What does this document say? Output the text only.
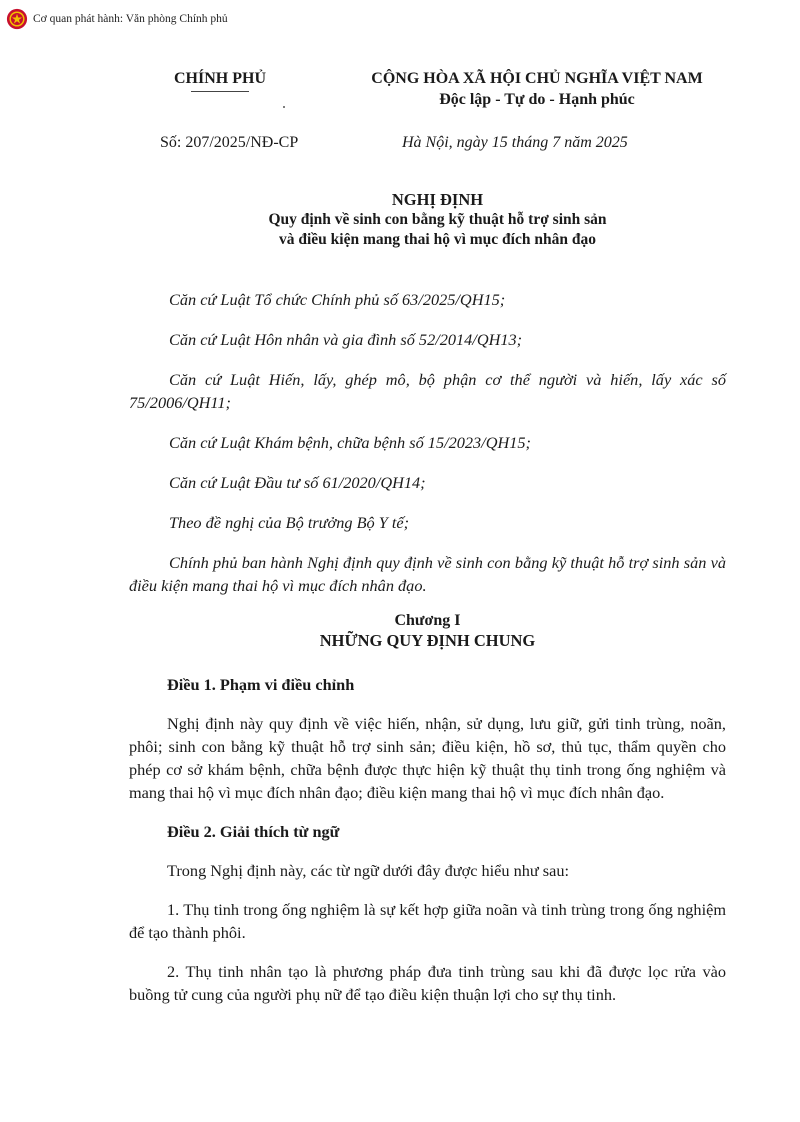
Cơ quan phát hành: Văn phòng Chính phủ
CHÍNH PHỦ	CỘNG HÒA XÃ HỘI CHỦ NGHĨA VIỆT NAM
Độc lập - Tự do - Hạnh phúc
Số: 207/2025/NĐ-CP	Hà Nội, ngày 15 tháng 7 năm 2025
NGHỊ ĐỊNH
Quy định về sinh con bằng kỹ thuật hỗ trợ sinh sản
và điều kiện mang thai hộ vì mục đích nhân đạo

Căn cứ Luật Tổ chức Chính phủ số 63/2025/QH15;

Căn cứ Luật Hôn nhân và gia đình số 52/2014/QH13;

Căn cứ Luật Hiến, lấy, ghép mô, bộ phận cơ thể người và hiến, lấy xác số 75/2006/QH11;

Căn cứ Luật Khám bệnh, chữa bệnh số 15/2023/QH15;

Căn cứ Luật Đầu tư số 61/2020/QH14;

Theo đề nghị của Bộ trưởng Bộ Y tế;

Chính phủ ban hành Nghị định quy định về sinh con bằng kỹ thuật hỗ trợ sinh sản và điều kiện mang thai hộ vì mục đích nhân đạo.

Chương I

NHỮNG QUY ĐỊNH CHUNG

Điều 1. Phạm vi điều chỉnh

Nghị định này quy định về việc hiến, nhận, sử dụng, lưu giữ, gửi tinh trùng, noãn, phôi; sinh con bằng kỹ thuật hỗ trợ sinh sản; điều kiện, hồ sơ, thủ tục, thẩm quyền cho phép cơ sở khám bệnh, chữa bệnh được thực hiện kỹ thuật thụ tinh trong ống nghiệm và mang thai hộ vì mục đích nhân đạo; điều kiện mang thai hộ vì mục đích nhân đạo.

Điều 2. Giải thích từ ngữ

Trong Nghị định này, các từ ngữ dưới đây được hiểu như sau:

1. Thụ tinh trong ống nghiệm là sự kết hợp giữa noãn và tinh trùng trong ống nghiệm để tạo thành phôi.

2. Thụ tinh nhân tạo là phương pháp đưa tinh trùng sau khi đã được lọc rửa vào buồng tử cung của người phụ nữ để tạo điều kiện thuận lợi cho sự thụ tinh.
